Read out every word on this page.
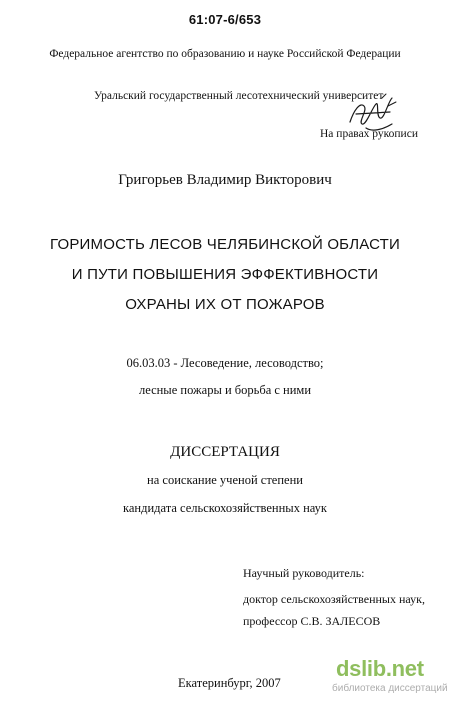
61:07-6/653
Федеральное агентство по образованию и науке Российской Федерации
Уральский государственный лесотехнический университет
На правах рукописи
Григорьев Владимир Викторович
ГОРИМОСТЬ ЛЕСОВ ЧЕЛЯБИНСКОЙ ОБЛАСТИ
И ПУТИ ПОВЫШЕНИЯ ЭФФЕКТИВНОСТИ
ОХРАНЫ ИХ ОТ ПОЖАРОВ
06.03.03 - Лесоведение, лесоводство;
лесные пожары и борьба с ними
ДИССЕРТАЦИЯ
на соискание ученой степени
кандидата сельскохозяйственных наук
Научный руководитель:
доктор сельскохозяйственных наук,
профессор С.В. ЗАЛЕСОВ
Екатеринбург, 2007
dslib.net
библиотека диссертаций
